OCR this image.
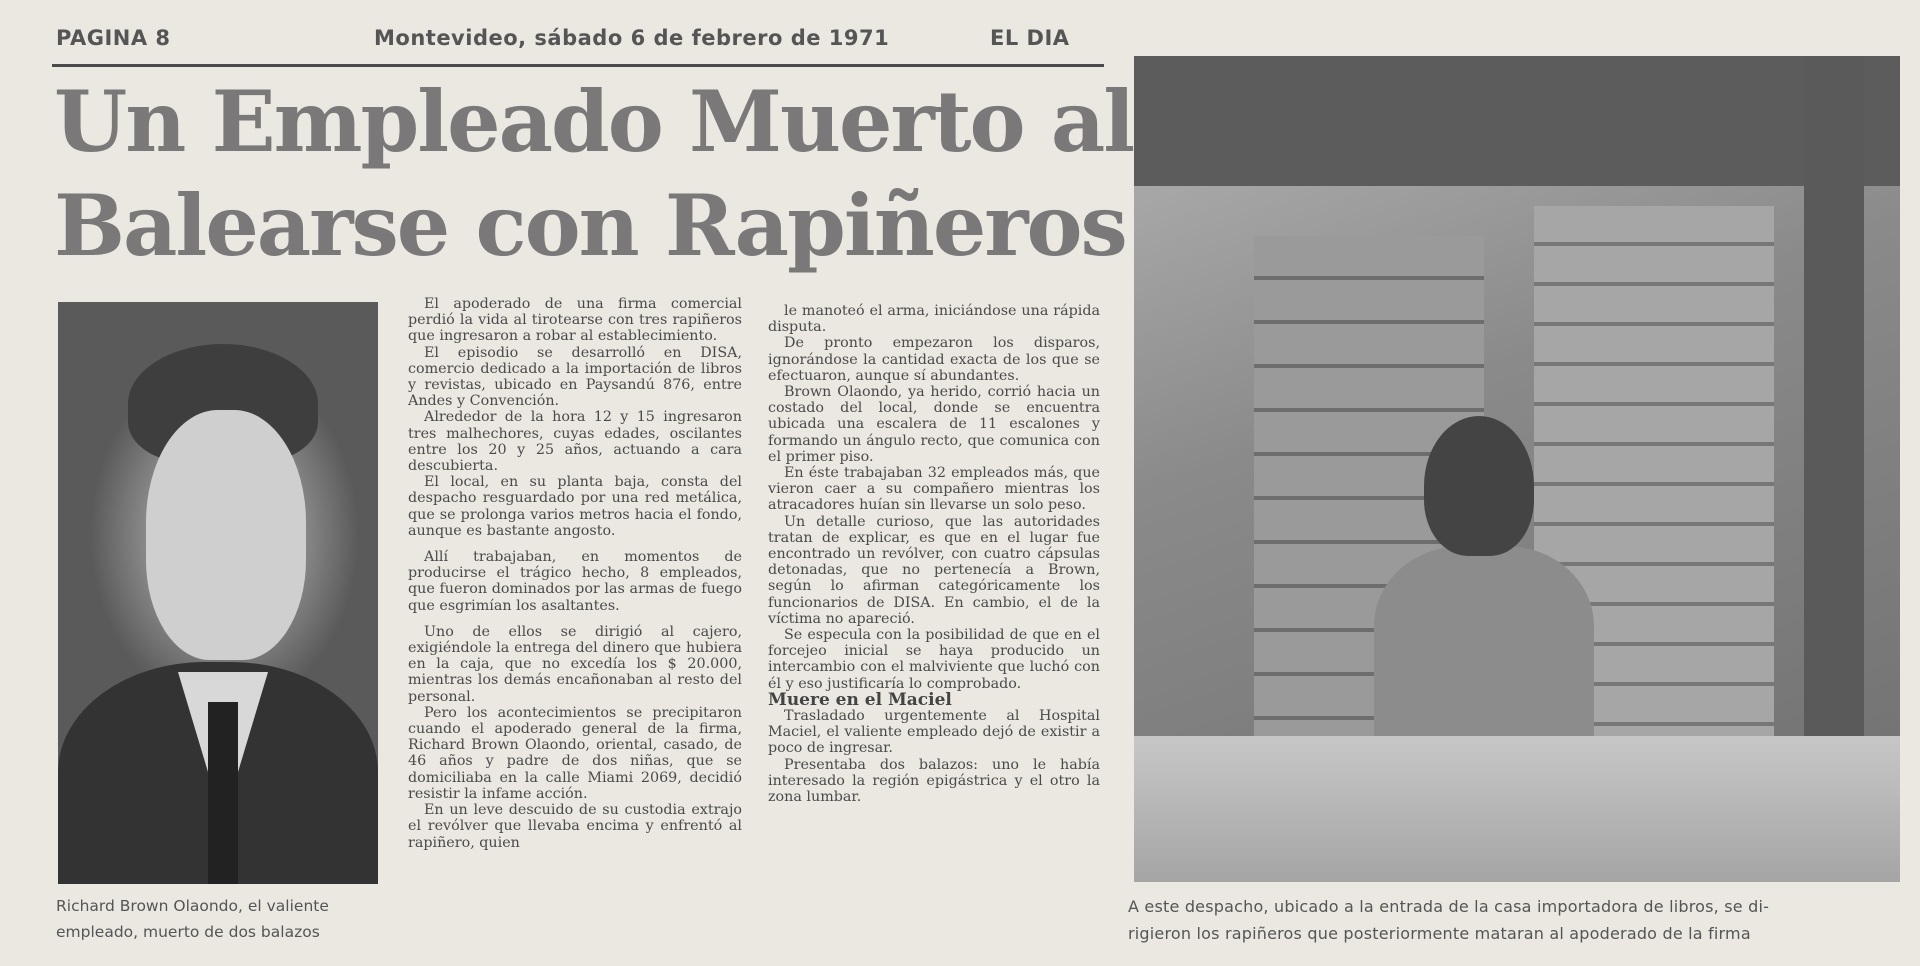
PAGINA 8	Montevideo, sábado 6 de febrero de 1971	EL DIA
Un Empleado Muerto al
Balearse con Rapiñeros
Richard Brown Olaondo, el valiente
empleado, muerto de dos balazos

El apoderado de una firma comercial perdió la vida al tirotearse con tres rapiñeros que ingresaron a robar al establecimiento.

El episodio se desarrolló en DISA, comercio dedicado a la importación de libros y revistas, ubicado en Paysandú 876, entre Andes y Convención.

Alrededor de la hora 12 y 15 ingresaron tres malhechores, cuyas edades, oscilantes entre los 20 y 25 años, actuando a cara descubierta.

El local, en su planta baja, consta del despacho resguardado por una red metálica, que se prolonga varios metros hacia el fondo, aunque es bastante angosto.

Allí trabajaban, en momentos de producirse el trágico hecho, 8 empleados, que fueron dominados por las armas de fuego que esgrimían los asaltantes.

Uno de ellos se dirigió al cajero, exigiéndole la entrega del dinero que hubiera en la caja, que no excedía los $ 20.000, mientras los demás encañonaban al resto del personal.

Pero los acontecimientos se precipitaron cuando el apoderado general de la firma, Richard Brown Olaondo, oriental, casado, de 46 años y padre de dos niñas, que se domiciliaba en la calle Miami 2069, decidió resistir la infame acción.

En un leve descuido de su custodia extrajo el revólver que llevaba encima y enfrentó al rapiñero, quien

le manoteó el arma, iniciándose una rápida disputa.

De pronto empezaron los disparos, ignorándose la cantidad exacta de los que se efectuaron, aunque sí abundantes.

Brown Olaondo, ya herido, corrió hacia un costado del local, donde se encuentra ubicada una escalera de 11 escalones y formando un ángulo recto, que comunica con el primer piso.

En éste trabajaban 32 empleados más, que vieron caer a su compañero mientras los atracadores huían sin llevarse un solo peso.

Un detalle curioso, que las autoridades tratan de explicar, es que en el lugar fue encontrado un revólver, con cuatro cápsulas detonadas, que no pertenecía a Brown, según lo afirman categóricamente los funcionarios de DISA. En cambio, el de la víctima no apareció.

Se especula con la posibilidad de que en el forcejeo inicial se haya producido un intercambio con el malviviente que luchó con él y eso justificaría lo comprobado.

Muere en el Maciel

Trasladado urgentemente al Hospital Maciel, el valiente empleado dejó de existir a poco de ingresar.

Presentaba dos balazos: uno le había interesado la región epigástrica y el otro la zona lumbar.

A este despacho, ubicado a la entrada de la casa importadora de libros, se di-
rigieron los rapiñeros que posteriormente mataran al apoderado de la firma
